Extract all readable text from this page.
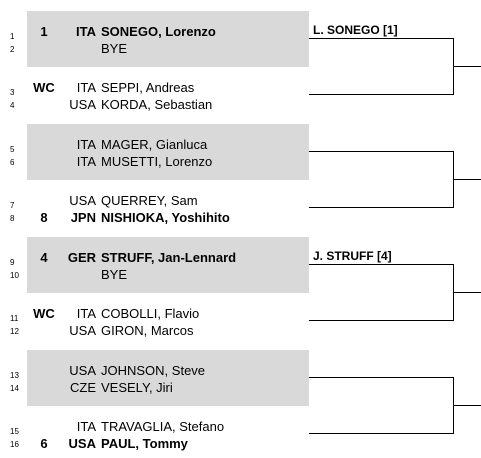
1	1	ITA SONEGO, Lorenzo
2	BYE
3	WC	ITA SEPPI, Andreas
4	USA KORDA, Sebastian
5	ITA MAGER, Gianluca
6	ITA MUSETTI, Lorenzo
7	USA QUERREY, Sam
8	8	JPN NISHIOKA, Yoshihito
9	4	GER STRUFF, Jan-Lennard
10	BYE
11	WC	ITA COBOLLI, Flavio
12	USA GIRON, Marcos
13	USA JOHNSON, Steve
14	CZE VESELY, Jiri
15	ITA TRAVAGLIA, Stefano
16	6	USA PAUL, Tommy
L. SONEGO [1]
J. STRUFF [4]
